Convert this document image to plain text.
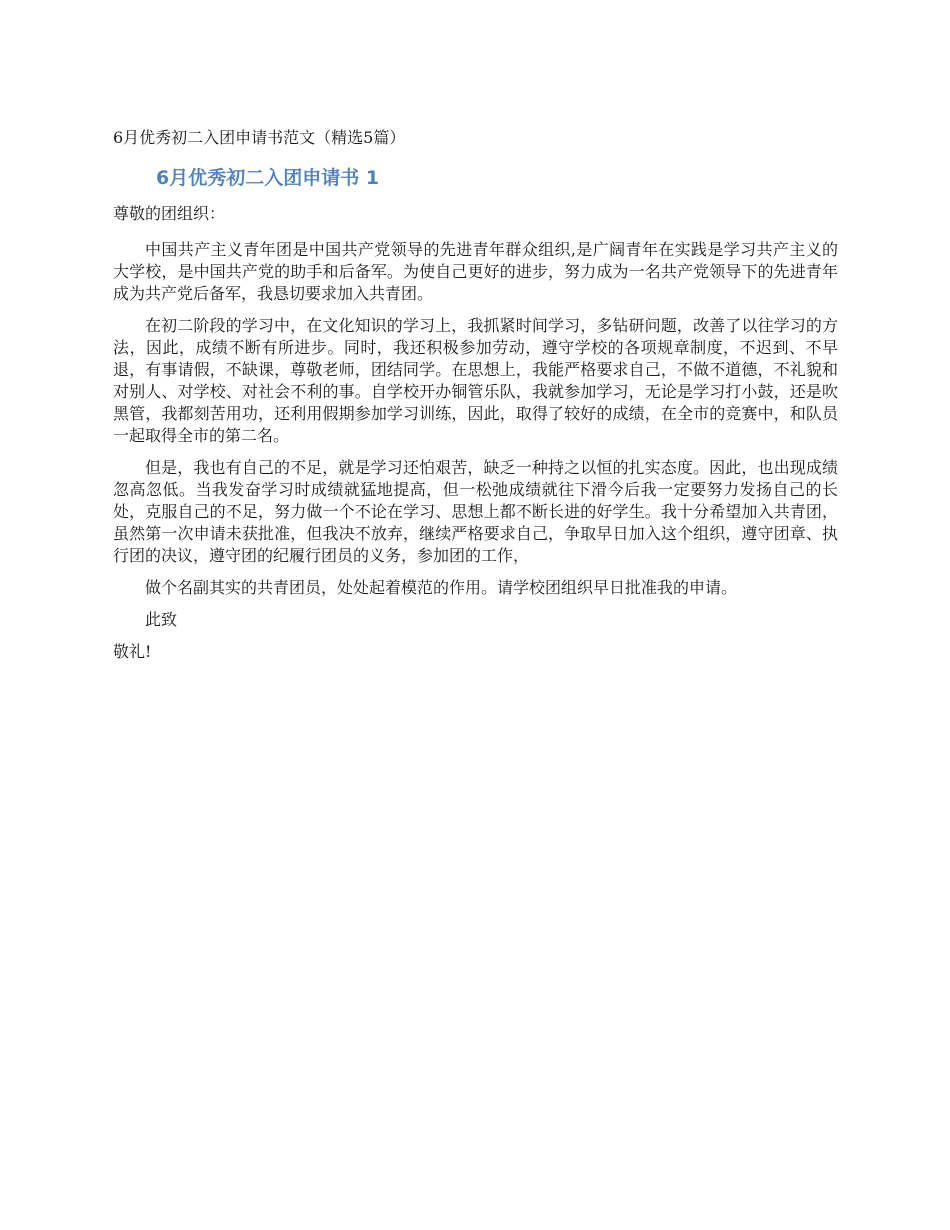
6月优秀初二入团申请书范文（精选5篇）
6月优秀初二入团申请书 1

尊敬的团组织：

中国共产主义青年团是中国共产党领导的先进青年群众组织,是广阔青年在实践是学习共产主义的大学校，是中国共产党的助手和后备军。为使自己更好的进步，努力成为一名共产党领导下的先进青年成为共产党后备军，我恳切要求加入共青团。

在初二阶段的学习中，在文化知识的学习上，我抓紧时间学习，多钻研问题，改善了以往学习的方法，因此，成绩不断有所进步。同时，我还积极参加劳动，遵守学校的各项规章制度，不迟到、不早退，有事请假，不缺课，尊敬老师，团结同学。在思想上，我能严格要求自己，不做不道德，不礼貌和对别人、对学校、对社会不利的事。自学校开办铜管乐队，我就参加学习，无论是学习打小鼓，还是吹黑管，我都刻苦用功，还利用假期参加学习训练，因此，取得了较好的成绩，在全市的竞赛中，和队员一起取得全市的第二名。

但是，我也有自己的不足，就是学习还怕艰苦，缺乏一种持之以恒的扎实态度。因此，也出现成绩忽高忽低。当我发奋学习时成绩就猛地提高，但一松弛成绩就往下滑今后我一定要努力发扬自己的长处，克服自己的不足，努力做一个不论在学习、思想上都不断长进的好学生。我十分希望加入共青团，虽然第一次申请未获批准，但我决不放弃，继续严格要求自己，争取早日加入这个组织，遵守团章、执行团的决议，遵守团的纪履行团员的义务，参加团的工作，

做个名副其实的共青团员，处处起着模范的作用。请学校团组织早日批准我的申请。

此致

敬礼!
